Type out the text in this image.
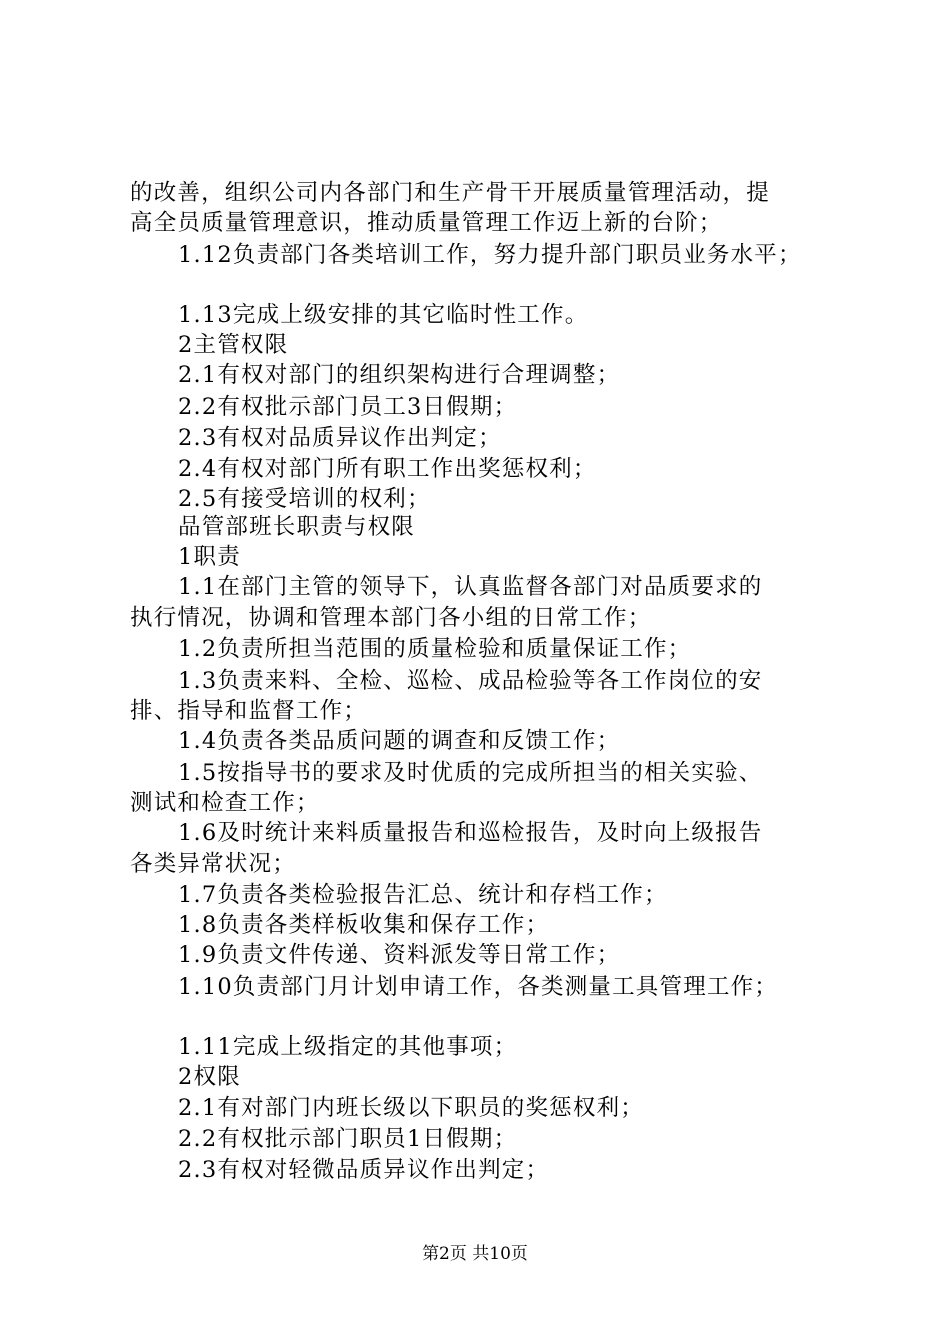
的改善，组织公司内各部门和生产骨干开展质量管理活动，提
高全员质量管理意识，推动质量管理工作迈上新的台阶；
1.12负责部门各类培训工作，努力提升部门职员业务水平；
1.13完成上级安排的其它临时性工作。
2主管权限
2.1有权对部门的组织架构进行合理调整；
2.2有权批示部门员工3日假期；
2.3有权对品质异议作出判定；
2.4有权对部门所有职工作出奖惩权利；
2.5有接受培训的权利；
品管部班长职责与权限
1职责
1.1在部门主管的领导下，认真监督各部门对品质要求的
执行情况，协调和管理本部门各小组的日常工作；
1.2负责所担当范围的质量检验和质量保证工作；
1.3负责来料、全检、巡检、成品检验等各工作岗位的安
排、指导和监督工作；
1.4负责各类品质问题的调查和反馈工作；
1.5按指导书的要求及时优质的完成所担当的相关实验、
测试和检查工作；
1.6及时统计来料质量报告和巡检报告，及时向上级报告
各类异常状况；
1.7负责各类检验报告汇总、统计和存档工作；
1.8负责各类样板收集和保存工作；
1.9负责文件传递、资料派发等日常工作；
1.10负责部门月计划申请工作，各类测量工具管理工作；
1.11完成上级指定的其他事项；
2权限
2.1有对部门内班长级以下职员的奖惩权利；
2.2有权批示部门职员1日假期；
2.3有权对轻微品质异议作出判定；
第2页 共10页
